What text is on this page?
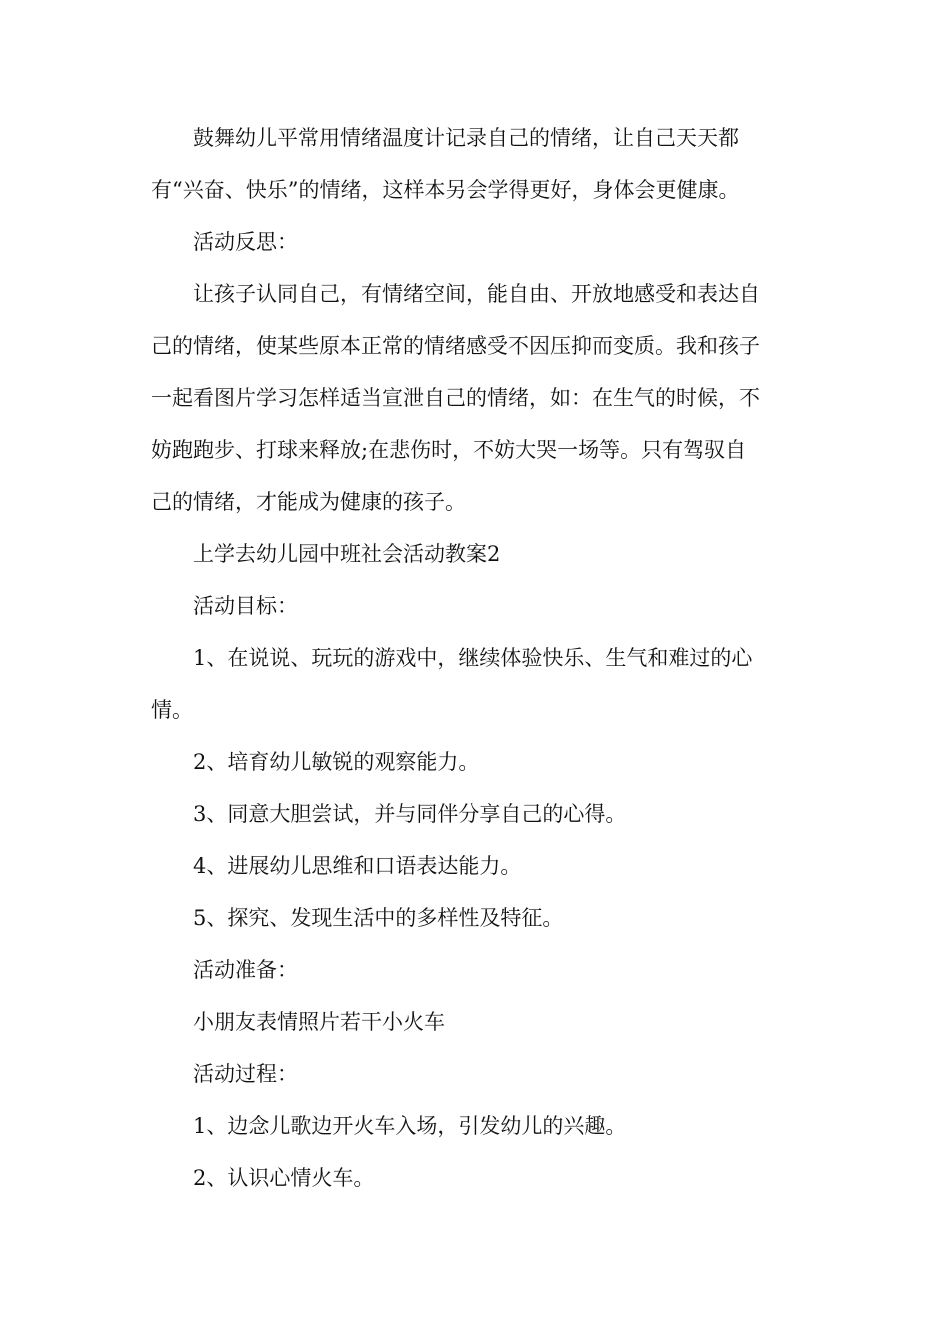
鼓舞幼儿平常用情绪温度计记录自己的情绪，让自己天天都
有“兴奋、快乐”的情绪，这样本另会学得更好，身体会更健康。
活动反思：
让孩子认同自己，有情绪空间，能自由、开放地感受和表达自
己的情绪，使某些原本正常的情绪感受不因压抑而变质。我和孩子
一起看图片学习怎样适当宣泄自己的情绪，如：在生气的时候，不
妨跑跑步、打球来释放;在悲伤时，不妨大哭一场等。只有驾驭自
己的情绪，才能成为健康的孩子。
上学去幼儿园中班社会活动教案2
活动目标：
1、在说说、玩玩的游戏中，继续体验快乐、生气和难过的心
情。
2、培育幼儿敏锐的观察能力。
3、同意大胆尝试，并与同伴分享自己的心得。
4、进展幼儿思维和口语表达能力。
5、探究、发现生活中的多样性及特征。
活动准备：
小朋友表情照片若干小火车
活动过程：
1、边念儿歌边开火车入场，引发幼儿的兴趣。
2、认识心情火车。
